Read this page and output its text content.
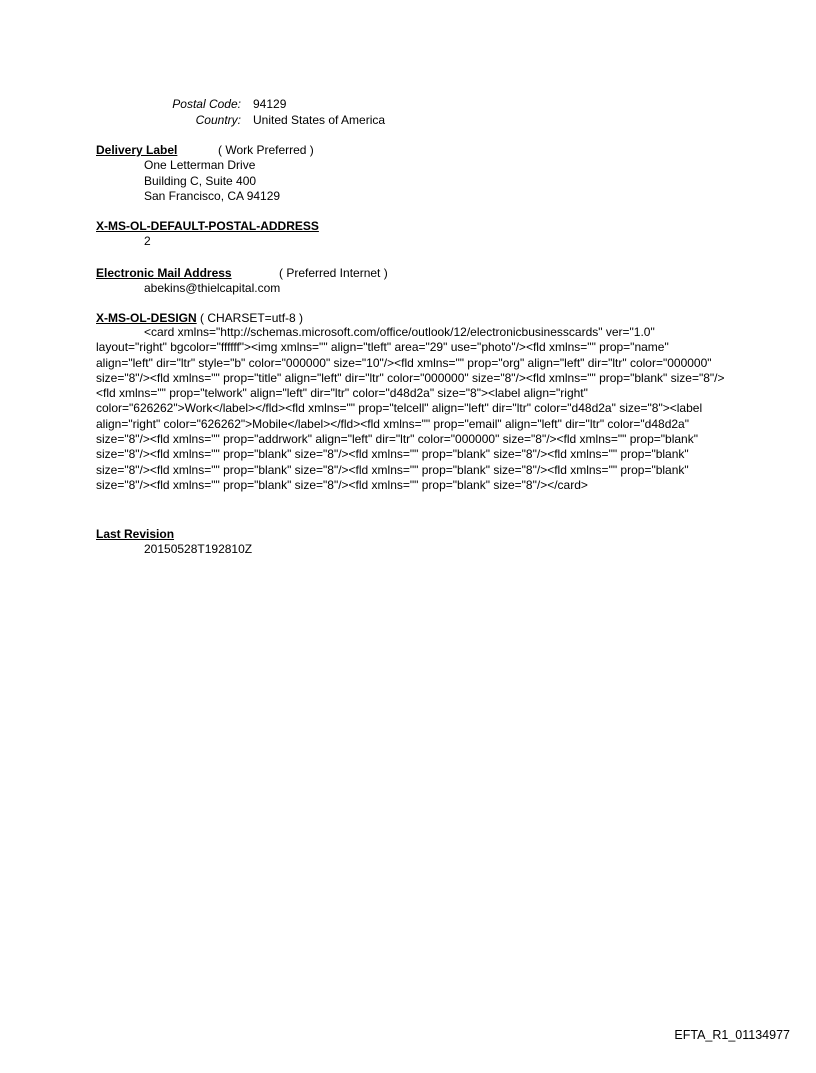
Postal Code: 94129
Country: United States of America
Delivery Label	( Work Preferred )
One Letterman Drive
Building C, Suite 400
San Francisco, CA 94129
X-MS-OL-DEFAULT-POSTAL-ADDRESS
2
Electronic Mail Address	( Preferred Internet )
abekins@thielcapital.com
X-MS-OL-DESIGN ( CHARSET=utf-8 )
<card xmlns="http://schemas.microsoft.com/office/outlook/12/electronicbusinesscards" ver="1.0" layout="right" bgcolor="ffffff"><img xmlns="" align="tleft" area="29" use="photo"/><fld xmlns="" prop="name" align="left" dir="ltr" style="b" color="000000" size="10"/><fld xmlns="" prop="org" align="left" dir="ltr" color="000000" size="8"/><fld xmlns="" prop="title" align="left" dir="ltr" color="000000" size="8"/><fld xmlns="" prop="blank" size="8"/><fld xmlns="" prop="telwork" align="left" dir="ltr" color="d48d2a" size="8"><label align="right" color="626262">Work</label></fld><fld xmlns="" prop="telcell" align="left" dir="ltr" color="d48d2a" size="8"><label align="right" color="626262">Mobile</label></fld><fld xmlns="" prop="email" align="left" dir="ltr" color="d48d2a" size="8"/><fld xmlns="" prop="addrwork" align="left" dir="ltr" color="000000" size="8"/><fld xmlns="" prop="blank" size="8"/><fld xmlns="" prop="blank" size="8"/><fld xmlns="" prop="blank" size="8"/><fld xmlns="" prop="blank" size="8"/><fld xmlns="" prop="blank" size="8"/><fld xmlns="" prop="blank" size="8"/><fld xmlns="" prop="blank" size="8"/><fld xmlns="" prop="blank" size="8"/><fld xmlns="" prop="blank" size="8"/></card>
Last Revision
20150528T192810Z
EFTA_R1_01134977
